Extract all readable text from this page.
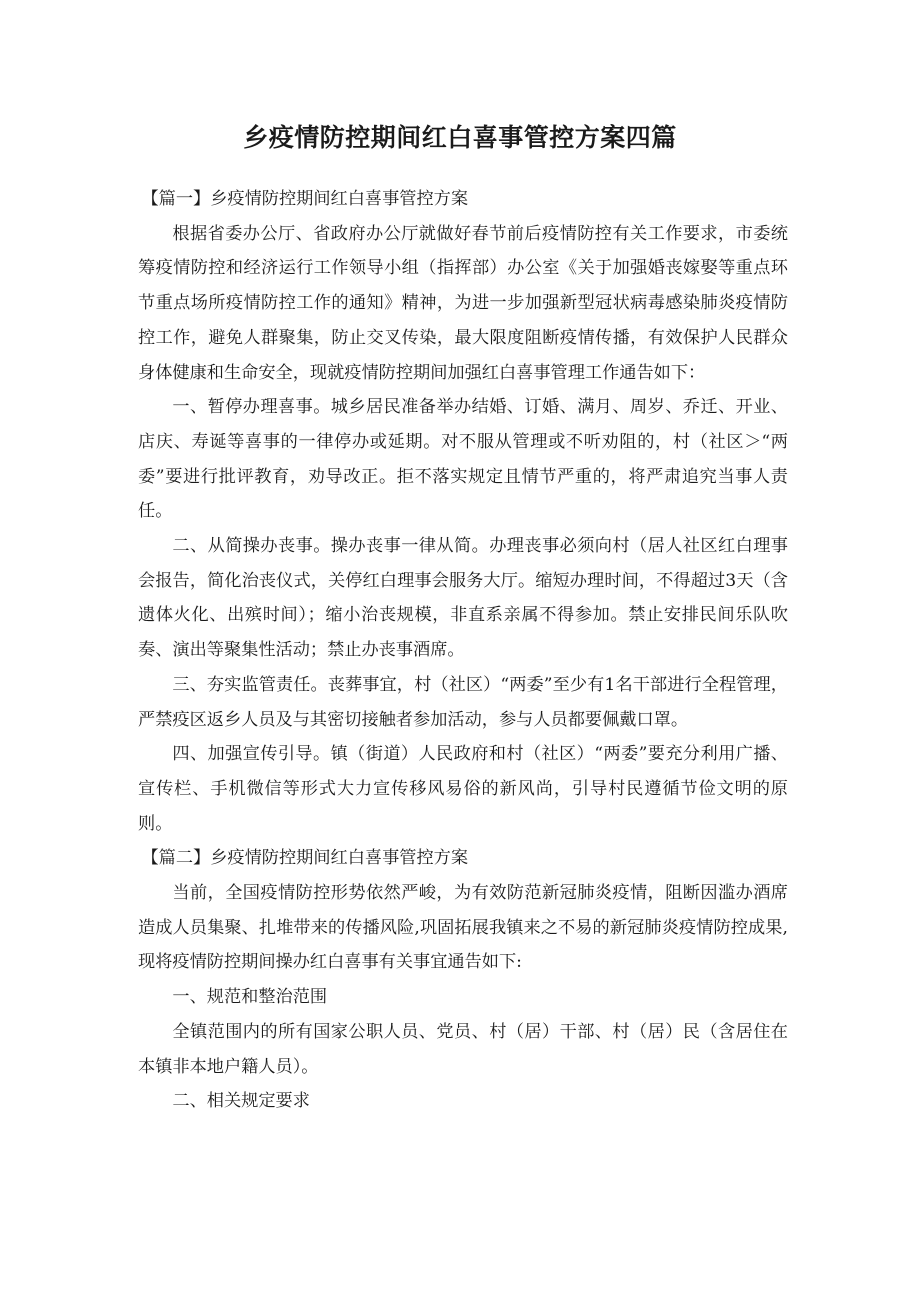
乡疫情防控期间红白喜事管控方案四篇

【篇一】乡疫情防控期间红白喜事管控方案

根据省委办公厅、省政府办公厅就做好春节前后疫情防控有关工作要求，市委统筹疫情防控和经济运行工作领导小组（指挥部）办公室《关于加强婚丧嫁娶等重点环节重点场所疫情防控工作的通知》精神，为进一步加强新型冠状病毒感染肺炎疫情防控工作，避免人群聚集，防止交叉传染，最大限度阻断疫情传播，有效保护人民群众身体健康和生命安全，现就疫情防控期间加强红白喜事管理工作通告如下：

一、暂停办理喜事。城乡居民准备举办结婚、订婚、满月、周岁、乔迁、开业、店庆、寿诞等喜事的一律停办或延期。对不服从管理或不听劝阻的，村（社区＞“两委”要进行批评教育，劝导改正。拒不落实规定且情节严重的，将严肃追究当事人责任。

二、从简操办丧事。操办丧事一律从简。办理丧事必须向村（居人社区红白理事会报告，简化治丧仪式，关停红白理事会服务大厅。缩短办理时间，不得超过3天（含遗体火化、出殡时间）；缩小治丧规模，非直系亲属不得参加。禁止安排民间乐队吹奏、演出等聚集性活动；禁止办丧事酒席。

三、夯实监管责任。丧葬事宜，村（社区）“两委”至少有1名干部进行全程管理，严禁疫区返乡人员及与其密切接触者参加活动，参与人员都要佩戴口罩。

四、加强宣传引导。镇（街道）人民政府和村（社区）“两委”要充分利用广播、宣传栏、手机微信等形式大力宣传移风易俗的新风尚，引导村民遵循节俭文明的原则。

【篇二】乡疫情防控期间红白喜事管控方案

当前，全国疫情防控形势依然严峻，为有效防范新冠肺炎疫情，阻断因滥办酒席造成人员集聚、扎堆带来的传播风险,巩固拓展我镇来之不易的新冠肺炎疫情防控成果,现将疫情防控期间操办红白喜事有关事宜通告如下:

一、规范和整治范围

全镇范围内的所有国家公职人员、党员、村（居）干部、村（居）民（含居住在本镇非本地户籍人员）。

二、相关规定要求
